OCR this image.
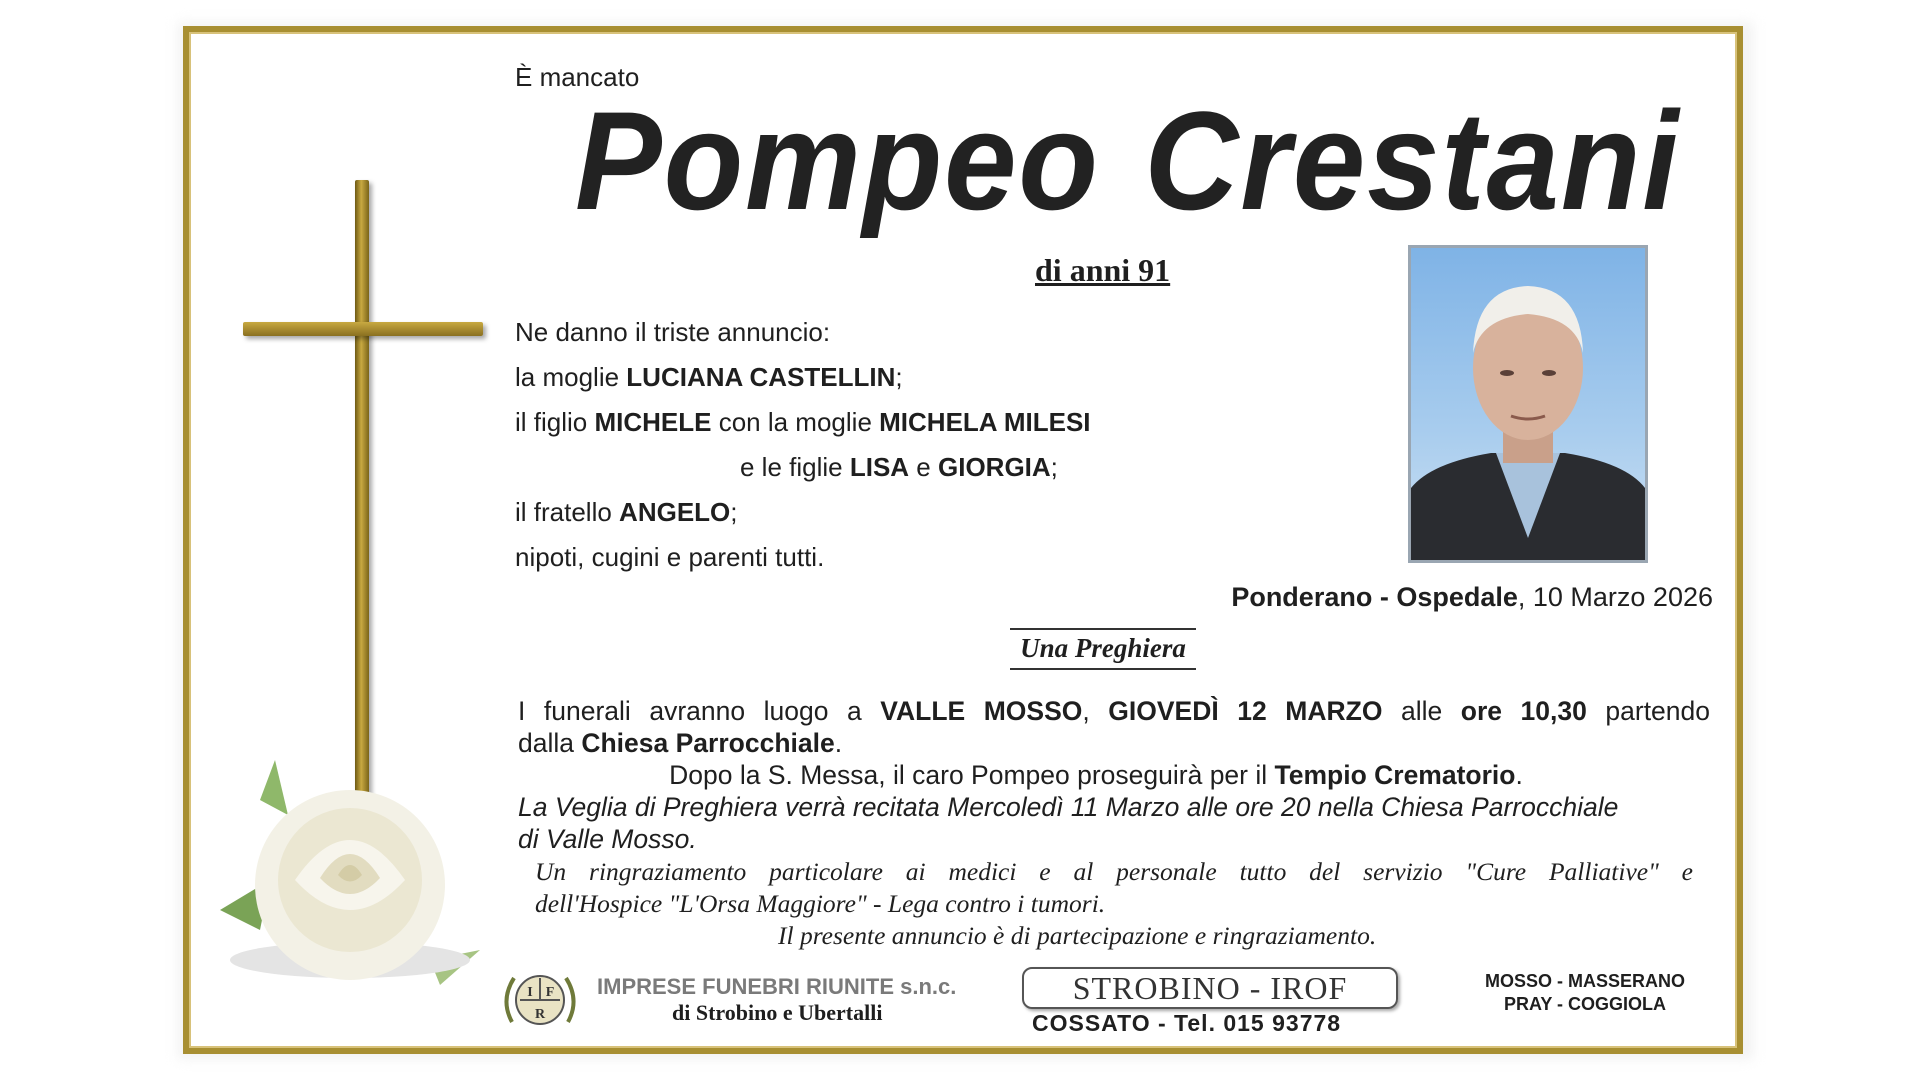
È mancato
Pompeo Crestani
di anni 91
Ne danno il triste annuncio:
la moglie LUCIANA CASTELLIN;
il figlio MICHELE con la moglie MICHELA MILESI
e le figlie LISA e GIORGIA;
il fratello ANGELO;
nipoti, cugini e parenti tutti.
Ponderano - Ospedale, 10 Marzo 2026
Una Preghiera
I funerali avranno luogo a VALLE MOSSO, GIOVEDÌ 12 MARZO alle ore 10,30 partendo
dalla Chiesa Parrocchiale.
Dopo la S. Messa, il caro Pompeo proseguirà per il Tempio Crematorio.
La Veglia di Preghiera verrà recitata Mercoledì 11 Marzo alle ore 20 nella Chiesa Parrocchiale
di Valle Mosso.
Un ringraziamento particolare ai medici e al personale tutto del servizio "Cure Palliative" e
dell'Hospice "L'Orsa Maggiore" - Lega contro i tumori.
Il presente annuncio è di partecipazione e ringraziamento.
I F
R
IMPRESE FUNEBRI RIUNITE s.n.c.
di Strobino e Ubertalli
STROBINO - IROF
COSSATO - Tel. 015 93778
MOSSO - MASSERANO
PRAY - COGGIOLA
